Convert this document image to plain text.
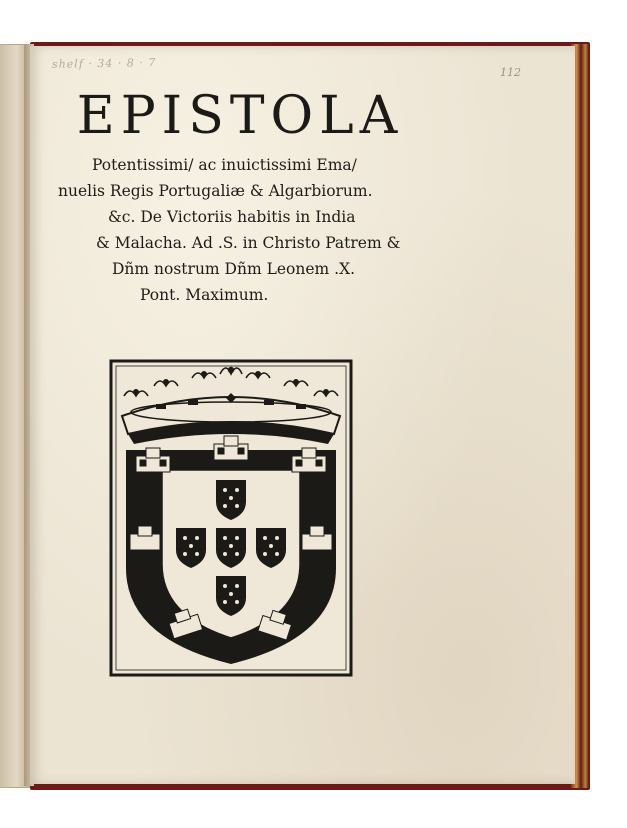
shelf · 34 · 8 · 7
112
EPISTOLA
Potentissimi/ ac inuictissimi Ema/
nuelis Regis Portugaliæ & Algarbiorum.
&c. De Victoriis habitis in India
& Malacha. Ad .S. in Christo Patrem &
Dñm nostrum Dñm Leonem .X.
Pont. Maximum.
